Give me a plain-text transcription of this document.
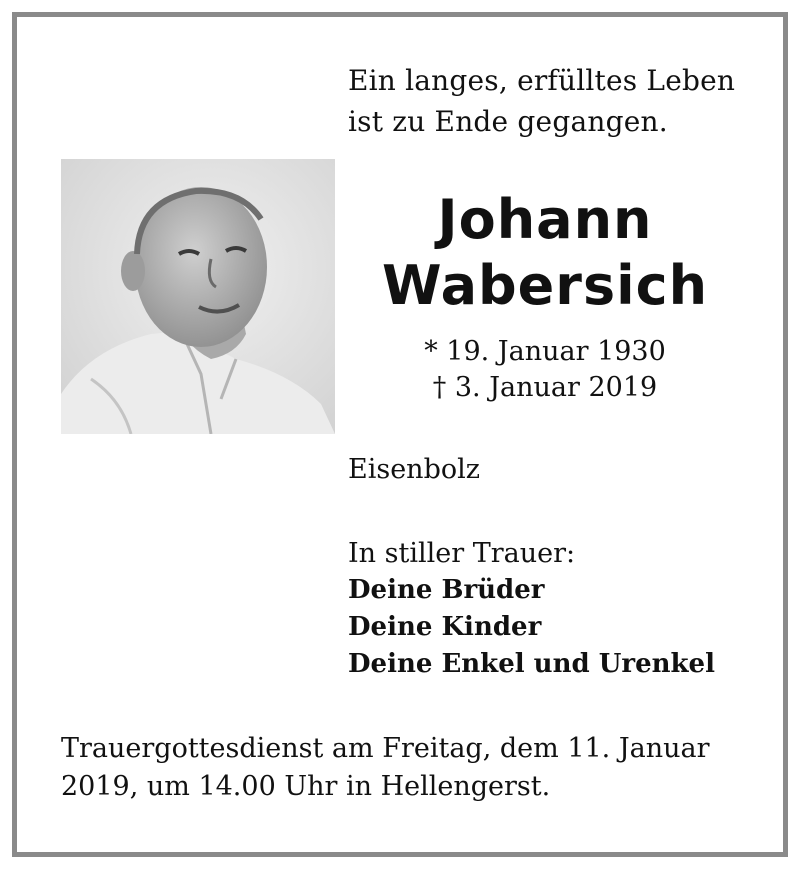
Ein langes, erfülltes Leben
ist zu Ende gegangen.
Johann
Wabersich
* 19. Januar 1930
† 3. Januar 2019
Eisenbolz
In stiller Trauer:
Deine Brüder
Deine Kinder
Deine Enkel und Urenkel
Trauergottesdienst am Freitag, dem 11. Januar
2019, um 14.00 Uhr in Hellengerst.
